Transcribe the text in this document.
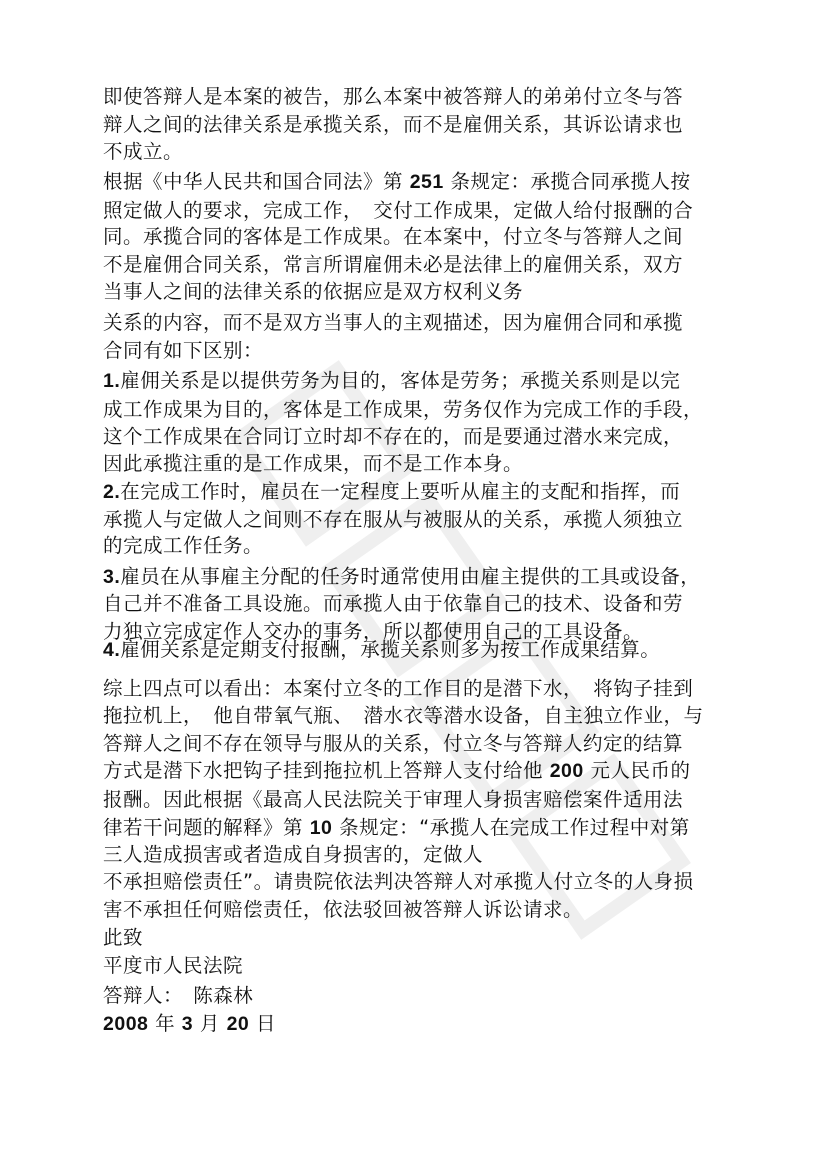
即使答辩人是本案的被告，那么本案中被答辩人的弟弟付立冬与答
辩人之间的法律关系是承揽关系，而不是雇佣关系，其诉讼请求也
不成立。
根据《中华人民共和国合同法》第 251 条规定：承揽合同承揽人按
照定做人的要求，完成工作，　交付工作成果，定做人给付报酬的合
同。承揽合同的客体是工作成果。在本案中，付立冬与答辩人之间
不是雇佣合同关系，常言所谓雇佣未必是法律上的雇佣关系，双方
当事人之间的法律关系的依据应是双方权利义务
关系的内容，而不是双方当事人的主观描述，因为雇佣合同和承揽
合同有如下区别：
1.雇佣关系是以提供劳务为目的，客体是劳务；承揽关系则是以完
成工作成果为目的，客体是工作成果，劳务仅作为完成工作的手段，
这个工作成果在合同订立时却不存在的，而是要通过潜水来完成，
因此承揽注重的是工作成果，而不是工作本身。
2.在完成工作时，雇员在一定程度上要听从雇主的支配和指挥，而
承揽人与定做人之间则不存在服从与被服从的关系，承揽人须独立
的完成工作任务。
3.雇员在从事雇主分配的任务时通常使用由雇主提供的工具或设备，
自己并不准备工具设施。而承揽人由于依靠自己的技术、设备和劳
力独立完成定作人交办的事务，所以都使用自己的工具设备。
4.雇佣关系是定期支付报酬，承揽关系则多为按工作成果结算。
综上四点可以看出：本案付立冬的工作目的是潜下水，　将钩子挂到
拖拉机上，　他自带氧气瓶、　潜水衣等潜水设备，自主独立作业，与
答辩人之间不存在领导与服从的关系，付立冬与答辩人约定的结算
方式是潜下水把钩子挂到拖拉机上答辩人支付给他 200 元人民币的
报酬。因此根据《最高人民法院关于审理人身损害赔偿案件适用法
律若干问题的解释》第 10 条规定：“承揽人在完成工作过程中对第
三人造成损害或者造成自身损害的，定做人
不承担赔偿责任”。请贵院依法判决答辩人对承揽人付立冬的人身损
害不承担任何赔偿责任，依法驳回被答辩人诉讼请求。
此致
平度市人民法院
答辩人：　陈森林
2008 年 3 月 20 日
